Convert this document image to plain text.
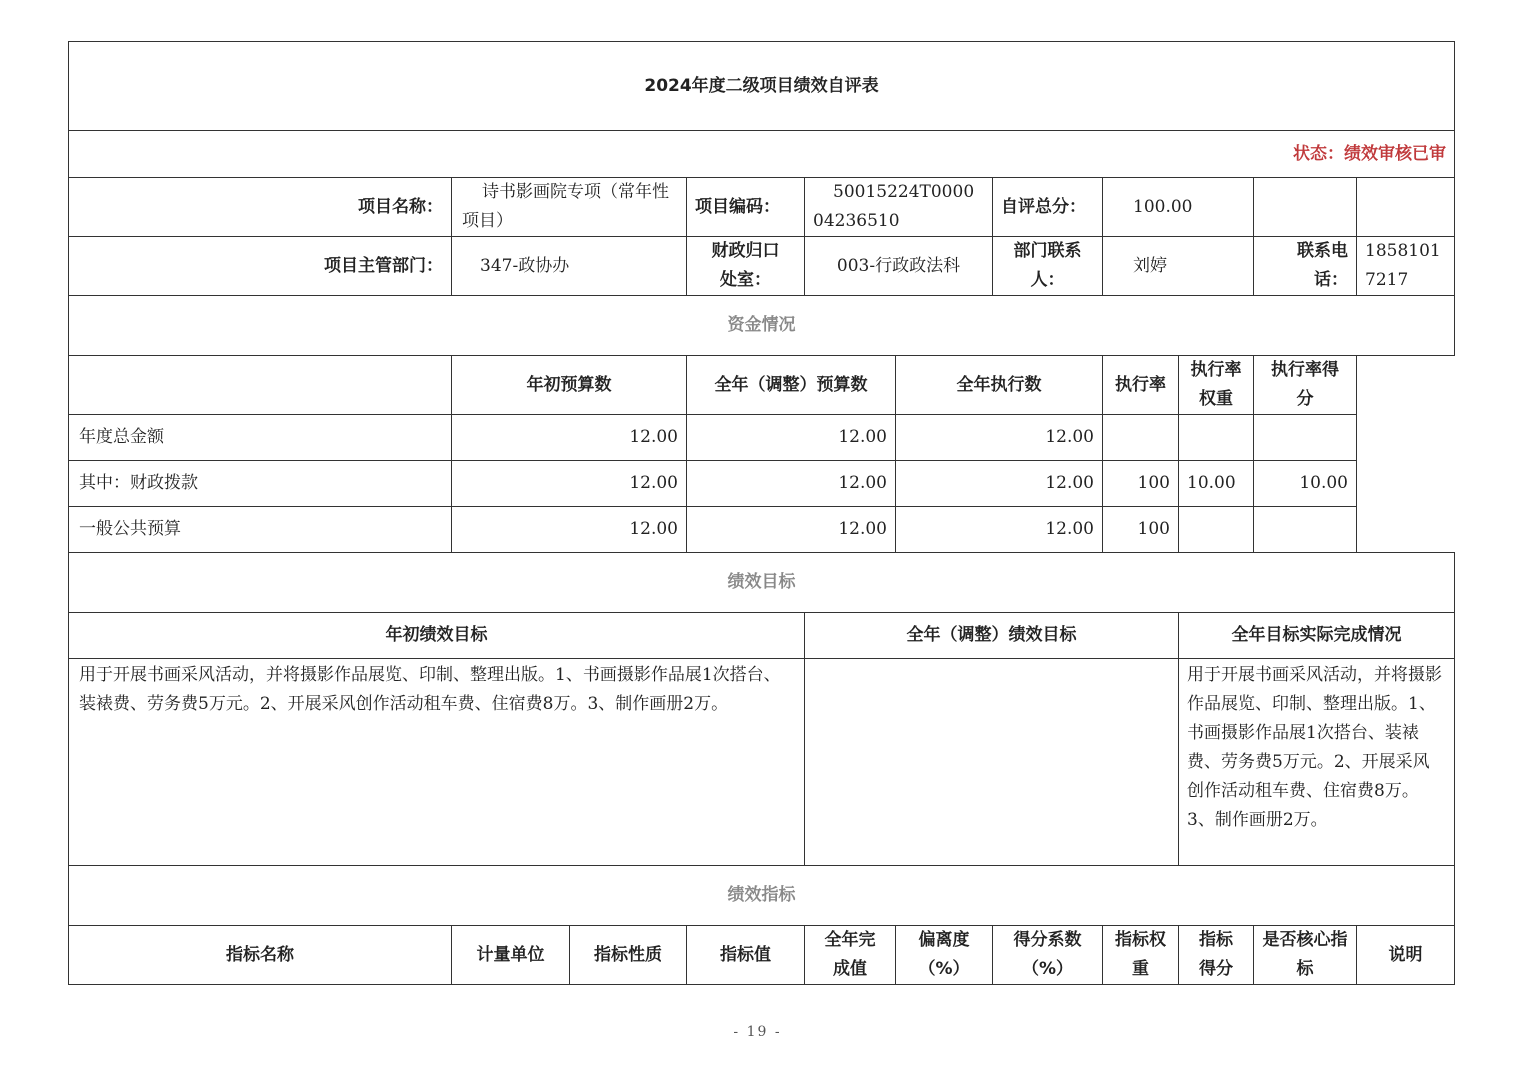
2024年度二级项目绩效自评表										
状态：绩效审核已审										
项目名称：	诗书影画院专项（常年性项目）		项目编码：	50015224T000004236510		自评总分：	100.00			
项目主管部门：	347-政协办		财政归口处室：	003-行政政法科		部门联系人：	刘婷		联系电话：	18581017217
资金情况										
	年初预算数		全年（调整）预算数		全年执行数		执行率	执行率权重	执行率得分	
年度总金额	12.00		12.00		12.00					
其中：财政拨款	12.00		12.00		12.00		100	10.00	10.00	
一般公共预算	12.00		12.00		12.00		100			
绩效目标										
年初绩效目标				全年（调整）绩效目标				全年目标实际完成情况		
用于开展书画采风活动，并将摄影作品展览、印制、整理出版。1、书画摄影作品展1次搭台、装裱费、劳务费5万元。2、开展采风创作活动租车费、住宿费8万。3、制作画册2万。								用于开展书画采风活动，并将摄影作品展览、印制、整理出版。1、书画摄影作品展1次搭台、装裱费、劳务费5万元。2、开展采风创作活动租车费、住宿费8万。3、制作画册2万。		
绩效指标										
指标名称	计量单位	指标性质	指标值	全年完成值	偏离度（%）	得分系数（%）	指标权重	指标得分	是否核心指标	说明
- 19 -
